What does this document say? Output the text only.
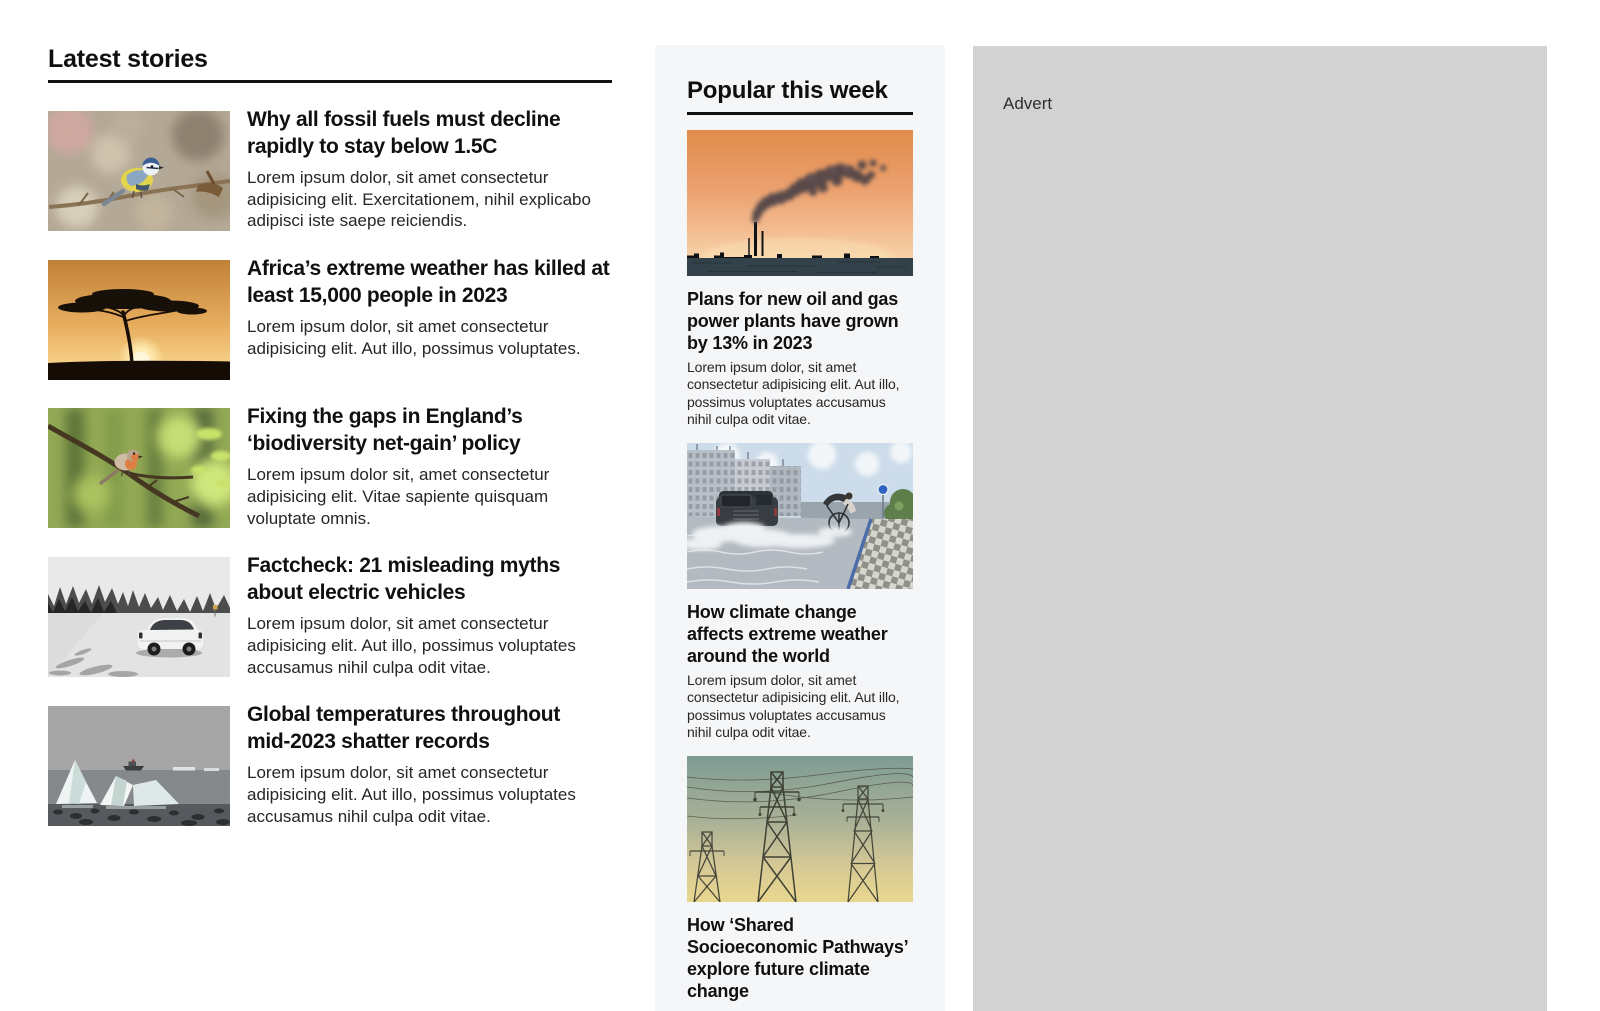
Latest stories
Why all fossil fuels must decline rapidly to stay below 1.5C

Lorem ipsum dolor, sit amet consectetur adipisicing elit. Exercitationem, nihil explicabo adipisci iste saepe reiciendis.

Africa’s extreme weather has killed at least 15,000 people in 2023

Lorem ipsum dolor, sit amet consectetur adipisicing elit. Aut illo, possimus voluptates.

Fixing the gaps in England’s ‘biodiversity net-gain’ policy

Lorem ipsum dolor sit, amet consectetur adipisicing elit. Vitae sapiente quisquam voluptate omnis.

Factcheck: 21 misleading myths about electric vehicles

Lorem ipsum dolor, sit amet consectetur adipisicing elit. Aut illo, possimus voluptates accusamus nihil culpa odit vitae.

Global temperatures throughout mid-2023 shatter records

Lorem ipsum dolor, sit amet consectetur adipisicing elit. Aut illo, possimus voluptates accusamus nihil culpa odit vitae.

Popular this week
Plans for new oil and gas power plants have grown by 13% in 2023

Lorem ipsum dolor, sit amet consectetur adipisicing elit. Aut illo, possimus voluptates accusamus nihil culpa odit vitae.

How climate change affects extreme weather around the world

Lorem ipsum dolor, sit amet consectetur adipisicing elit. Aut illo, possimus voluptates accusamus nihil culpa odit vitae.

How ‘Shared Socioeconomic Pathways’ explore future climate change

Advert
